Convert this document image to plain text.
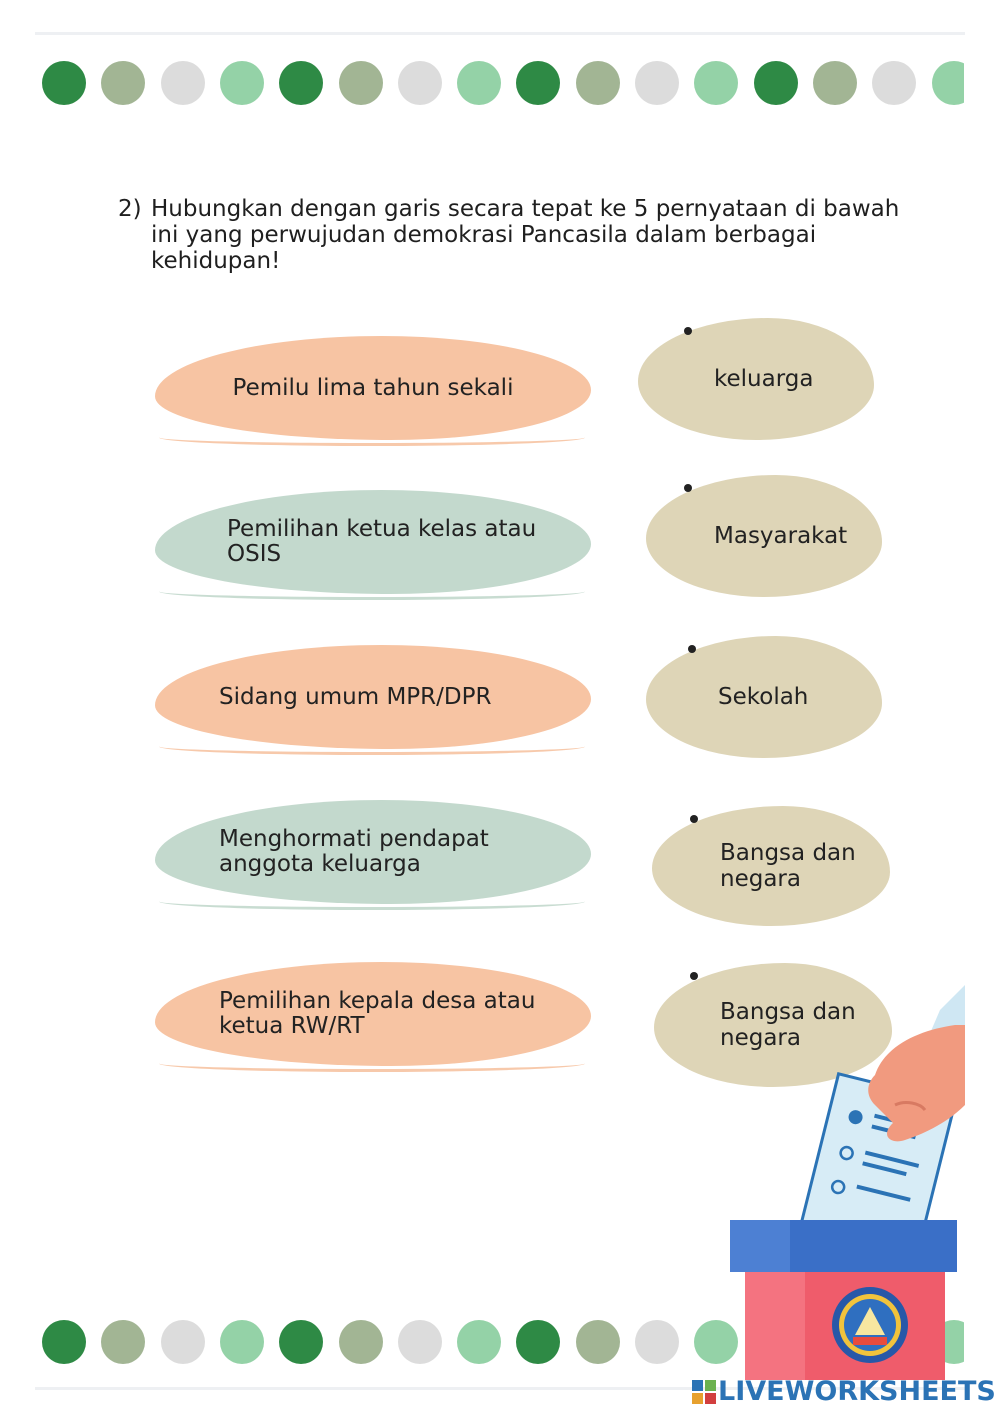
2) Hubungkan dengan garis secara tepat ke 5 pernyataan di bawah ini yang perwujudan demokrasi Pancasila dalam berbagai kehidupan!
Pemilu lima tahun sekali
Pemilihan ketua kelas atau OSIS
Sidang umum MPR/DPR
Menghormati pendapat anggota keluarga
Pemilihan kepala desa atau ketua RW/RT
keluarga
Masyarakat
Sekolah
Bangsa dan negara
Bangsa dan negara
LIVEWORKSHEETS
